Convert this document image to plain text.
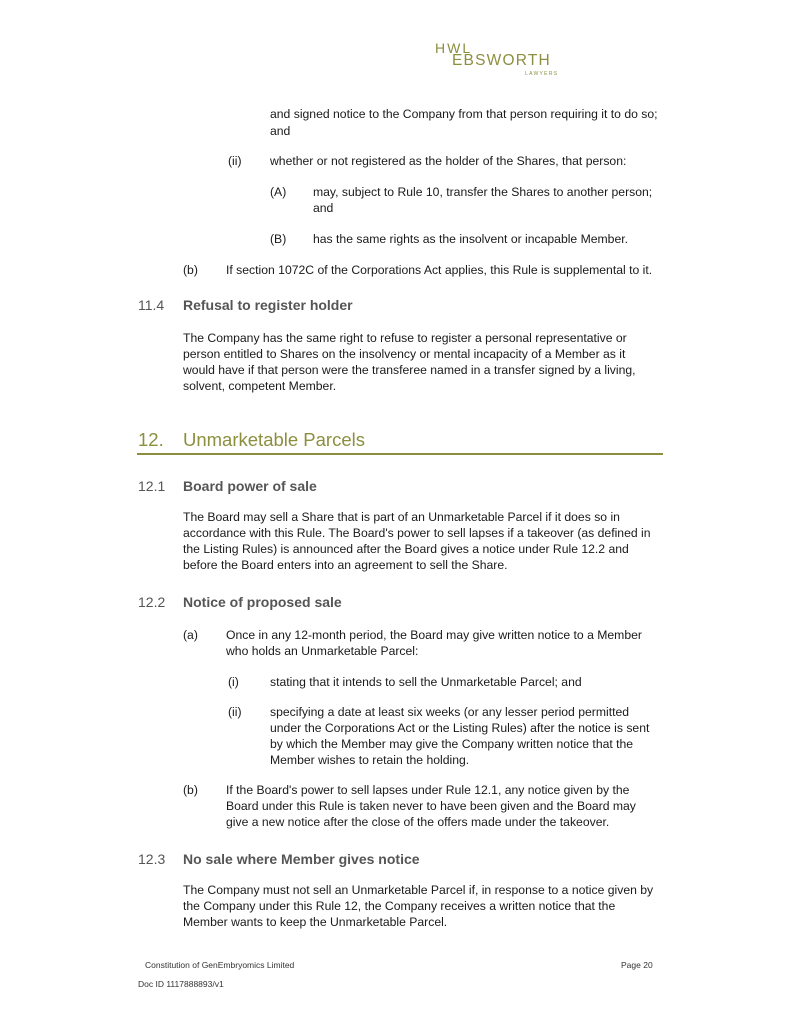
HWL
EBSWORTH
LAWYERS

and signed notice to the Company from that person requiring it to do so;

and

(ii) whether or not registered as the holder of the Shares, that person:

(A) may, subject to Rule 10, transfer the Shares to another person;

and

(B) has the same rights as the insolvent or incapable Member.

(b) If section 1072C of the Corporations Act applies, this Rule is supplemental to it.

11.4 Refusal to register holder

The Company has the same right to refuse to register a personal representative or

person entitled to Shares on the insolvency or mental incapacity of a Member as it

would have if that person were the transferee named in a transfer signed by a living,

solvent, competent Member.

12. Unmarketable Parcels
12.1 Board power of sale

The Board may sell a Share that is part of an Unmarketable Parcel if it does so in

accordance with this Rule. The Board's power to sell lapses if a takeover (as defined in

the Listing Rules) is announced after the Board gives a notice under Rule 12.2 and

before the Board enters into an agreement to sell the Share.

12.2 Notice of proposed sale

(a) Once in any 12-month period, the Board may give written notice to a Member

who holds an Unmarketable Parcel:

(i)	stating that it intends to sell the Unmarketable Parcel; and

(ii) specifying a date at least six weeks (or any lesser period permitted

under the Corporations Act or the Listing Rules) after the notice is sent

by which the Member may give the Company written notice that the

Member wishes to retain the holding.

(b) If the Board's power to sell lapses under Rule 12.1, any notice given by the

Board under this Rule is taken never to have been given and the Board may

give a new notice after the close of the offers made under the takeover.

12.3 No sale where Member gives notice

The Company must not sell an Unmarketable Parcel if, in response to a notice given by

the Company under this Rule 12, the Company receives a written notice that the

Member wants to keep the Unmarketable Parcel.

Constitution of GenEmbryomics Limited	Page 20
Doc ID 1117888893/v1
